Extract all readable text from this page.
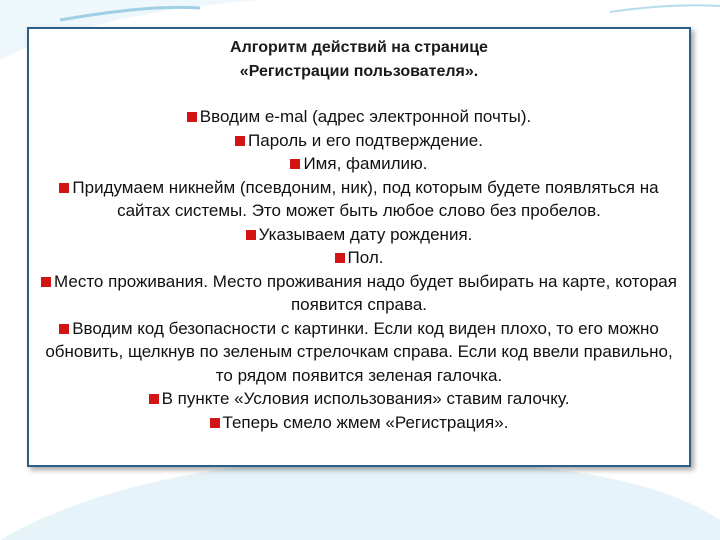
Алгоритм действий на странице
«Регистрации пользователя».
Вводим e-mal (адрес электронной почты).
Пароль и его подтверждение.
Имя, фамилию.
Придумаем никнейм (псевдоним, ник), под которым будете появляться на сайтах системы. Это может быть любое слово без пробелов.
Указываем дату рождения.
Пол.
Место проживания. Место проживания надо будет выбирать на карте, которая появится справа.
Вводим код безопасности с картинки. Если код виден плохо, то его можно обновить, щелкнув по зеленым стрелочкам справа. Если код ввели правильно, то рядом появится зеленая галочка.
В пункте «Условия использования» ставим галочку.
Теперь смело жмем «Регистрация».
